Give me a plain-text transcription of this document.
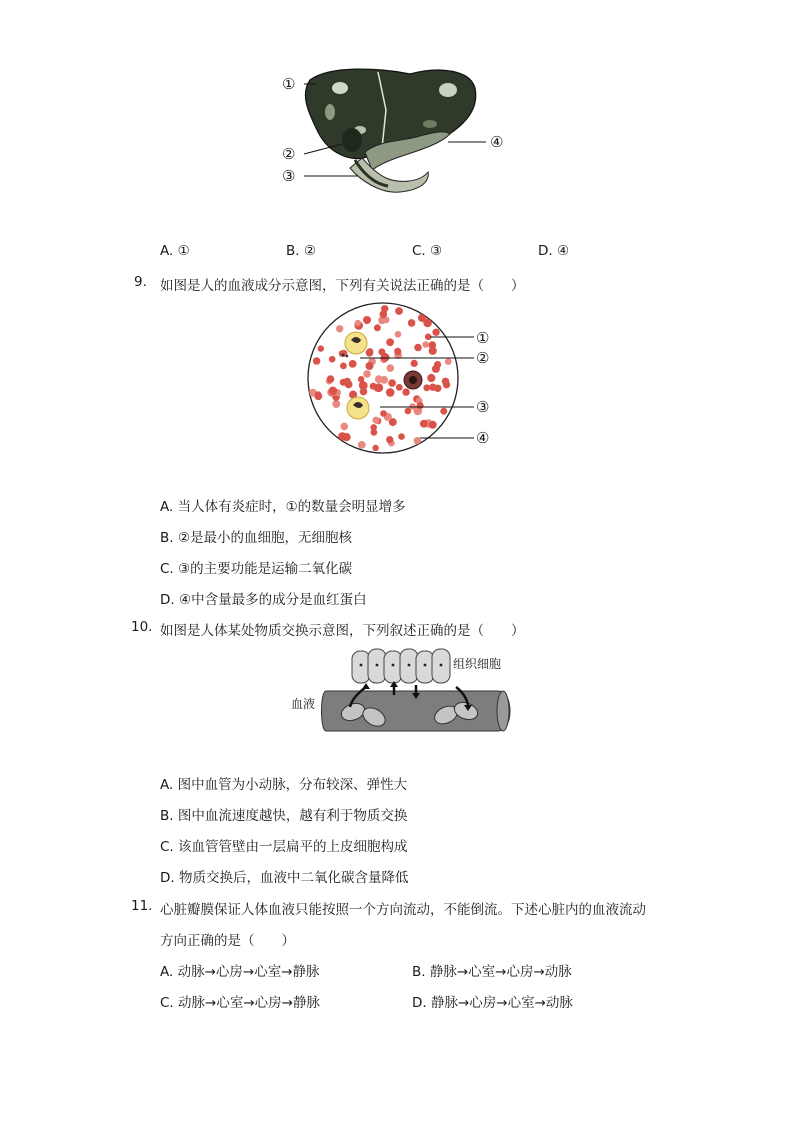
①
②
③
④
A. ①	B. ②	C. ③	D. ④
9. 如图是人的血液成分示意图，下列有关说法正确的是（　　）
①
②
③
④
A. 当人体有炎症时，①的数量会明显增多
B. ②是最小的血细胞，无细胞核
C. ③的主要功能是运输二氧化碳
D. ④中含量最多的成分是血红蛋白
10. 如图是人体某处物质交换示意图，下列叙述正确的是（　　）
组织细胞
血液
A. 图中血管为小动脉，分布较深、弹性大
B. 图中血流速度越快，越有利于物质交换
C. 该血管管壁由一层扁平的上皮细胞构成
D. 物质交换后，血液中二氧化碳含量降低
11. 心脏瓣膜保证人体血液只能按照一个方向流动，不能倒流。下述心脏内的血液流动
方向正确的是（　　）
A. 动脉→心房→心室→静脉	B. 静脉→心室→心房→动脉
C. 动脉→心室→心房→静脉	D. 静脉→心房→心室→动脉
